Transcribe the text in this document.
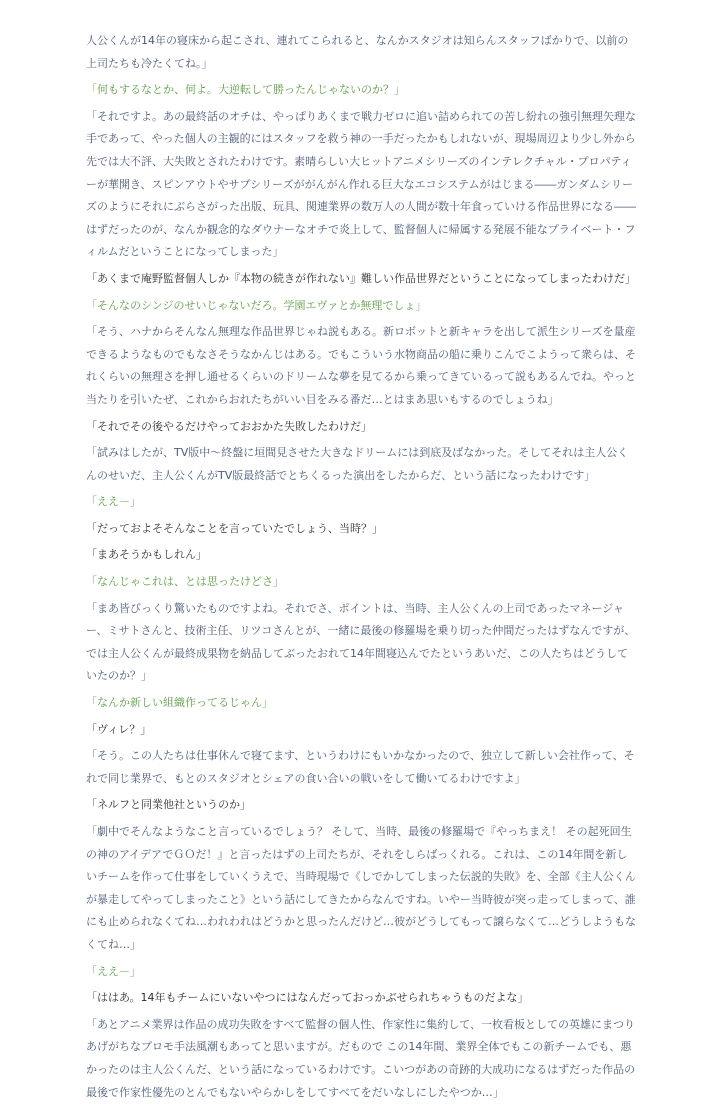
人公くんが14年の寝床から起こされ、連れてこられると、なんかスタジオは知らんスタッフばかりで、以前の上司たちも冷たくてね。」

「何もするなとか、何よ。大逆転して勝ったんじゃないのか？」

「それですよ。あの最終話のオチは、やっぱりあくまで戦力ゼロに追い詰められての苦し紛れの強引無理矢理な手であって、やった個人の主観的にはスタッフを救う神の一手だったかもしれないが、現場周辺より少し外から先では大不評、大失敗とされたわけです。素晴らしい大ヒットアニメシリーズのインテレクチャル・プロパティーが華開き、スピンアウトやサブシリーズががんがん作れる巨大なエコシステムがはじまる――ガンダムシリーズのようにそれにぶらさがった出版、玩具、関連業界の数万人の人間が数十年食っていける作品世界になる――はずだったのが、なんか観念的なダウナーなオチで炎上して、監督個人に帰属する発展不能なプライベート・フィルムだということになってしまった」

「あくまで庵野監督個人しか『本物の続きが作れない』難しい作品世界だということになってしまったわけだ」

「そんなのシンジのせいじゃないだろ。学園エヴァとか無理でしょ」

「そう、ハナからそんなん無理な作品世界じゃね説もある。新ロボットと新キャラを出して派生シリーズを量産できるようなものでもなさそうなかんじはある。でもこういう水物商品の船に乗りこんでこようって衆らは、それくらいの無理さを押し通せるくらいのドリームな夢を見てるから乗ってきているって説もあるんでね。やっと当たりを引いたぜ、これからおれたちがいい目をみる番だ…とはまあ思いもするのでしょうね」

「それでその後やるだけやっておおかた失敗したわけだ」

「試みはしたが、TV版中〜終盤に垣間見させた大きなドリームには到底及ばなかった。そしてそれは主人公くんのせいだ、主人公くんがTV版最終話でとちくるった演出をしたからだ、という話になったわけです」

「ええ－」

「だっておよそそんなことを言っていたでしょう、当時？」

「まあそうかもしれん」

「なんじゃこれは、とは思ったけどさ」

「まあ皆びっくり驚いたものですよね。それでさ、ポイントは、当時、主人公くんの上司であったマネージャー、ミサトさんと、技術主任、リツコさんとが、一緒に最後の修羅場を乗り切った仲間だったはずなんですが、では主人公くんが最終成果物を納品してぶったおれて14年間寝込んでたというあいだ、この人たちはどうしていたのか？」

「なんか新しい組織作ってるじゃん」

「ヴィレ？」

「そう。この人たちは仕事休んで寝てます、というわけにもいかなかったので、独立して新しい会社作って、それで同じ業界で、もとのスタジオとシェアの食い合いの戦いをして働いてるわけですよ」

「ネルフと同業他社というのか」

「劇中でそんなようなこと言っているでしょう？ そして、当時、最後の修羅場で『やっちまえ！ その起死回生の神のアイデアでＧＯだ！』と言ったはずの上司たちが、それをしらばっくれる。これは、この14年間を新しいチームを作って仕事をしていくうえで、当時現場で《しでかしてしまった伝説的失敗》を、全部《主人公くんが暴走してやってしまったこと》という話にしてきたからなんですね。いやー当時彼が突っ走ってしまって、誰にも止められなくてね…われわれはどうかと思ったんだけど…彼がどうしてもって譲らなくて…どうしようもなくてね…」

「ええ－」

「ははあ。14年もチームにいないやつにはなんだっておっかぶせられちゃうものだよな」

「あとアニメ業界は作品の成功失敗をすべて監督の個人性、作家性に集約して、一枚看板としての英雄にまつりあげがちなプロモ手法風潮もあってと思いますが。だもので この14年間、業界全体でもこの新チームでも、悪かったのは主人公くんだ、という話になっているわけです。こいつがあの奇跡的大成功になるはずだった作品の最後で作家性優先のとんでもないやらかしをしてすべてをだいなしにしたやつか…」
